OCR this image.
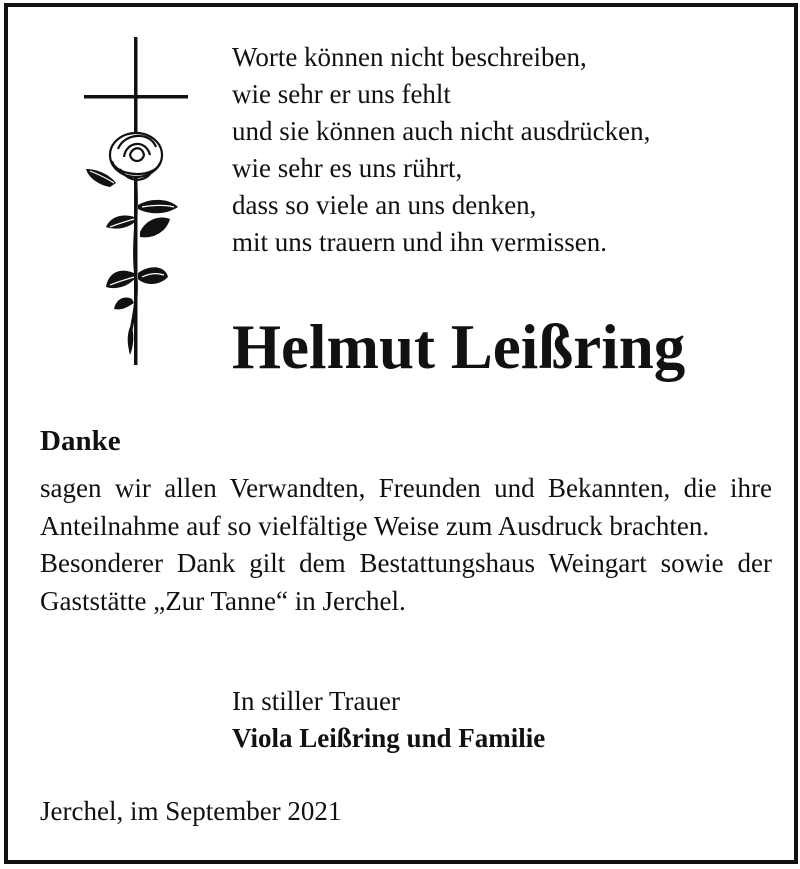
Worte können nicht beschreiben,
wie sehr er uns fehlt
und sie können auch nicht ausdrücken,
wie sehr es uns rührt,
dass so viele an uns denken,
mit uns trauern und ihn vermissen.
Helmut Leißring
Danke

sagen wir allen Verwandten, Freunden und Bekannten, die ihre Anteilnahme auf so vielfältige Weise zum Ausdruck brachten.

Besonderer Dank gilt dem Bestattungshaus Weingart sowie der Gaststätte „Zur Tanne“ in Jerchel.

In stiller Trauer
Viola Leißring und Familie
Jerchel, im September 2021
